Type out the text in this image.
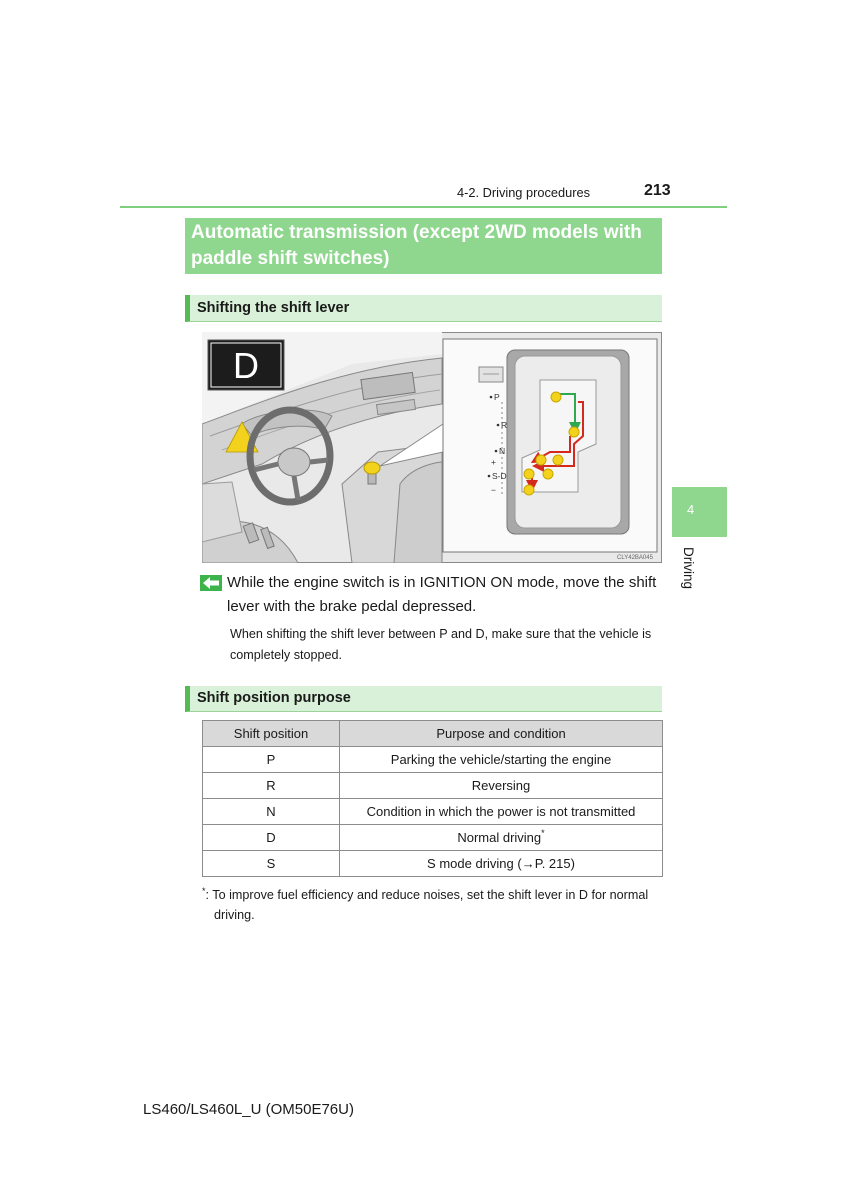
4-2. Driving procedures	213
Automatic transmission (except 2WD models with paddle shift switches)
Shifting the shift lever
D
P
R
N
+
S-D
−
CLY42BA045
While the engine switch is in IGNITION ON mode, move the shift lever with the brake pedal depressed.
When shifting the shift lever between P and D, make sure that the vehicle is completely stopped.
Shift position purpose
Shift position	Purpose and condition
P	Parking the vehicle/starting the engine
R	Reversing
N	Condition in which the power is not transmitted
D	Normal driving*
S	S mode driving (→P. 215)
*: To improve fuel efficiency and reduce noises, set the shift lever in D for normal driving.
4
Driving
LS460/LS460L_U (OM50E76U)
